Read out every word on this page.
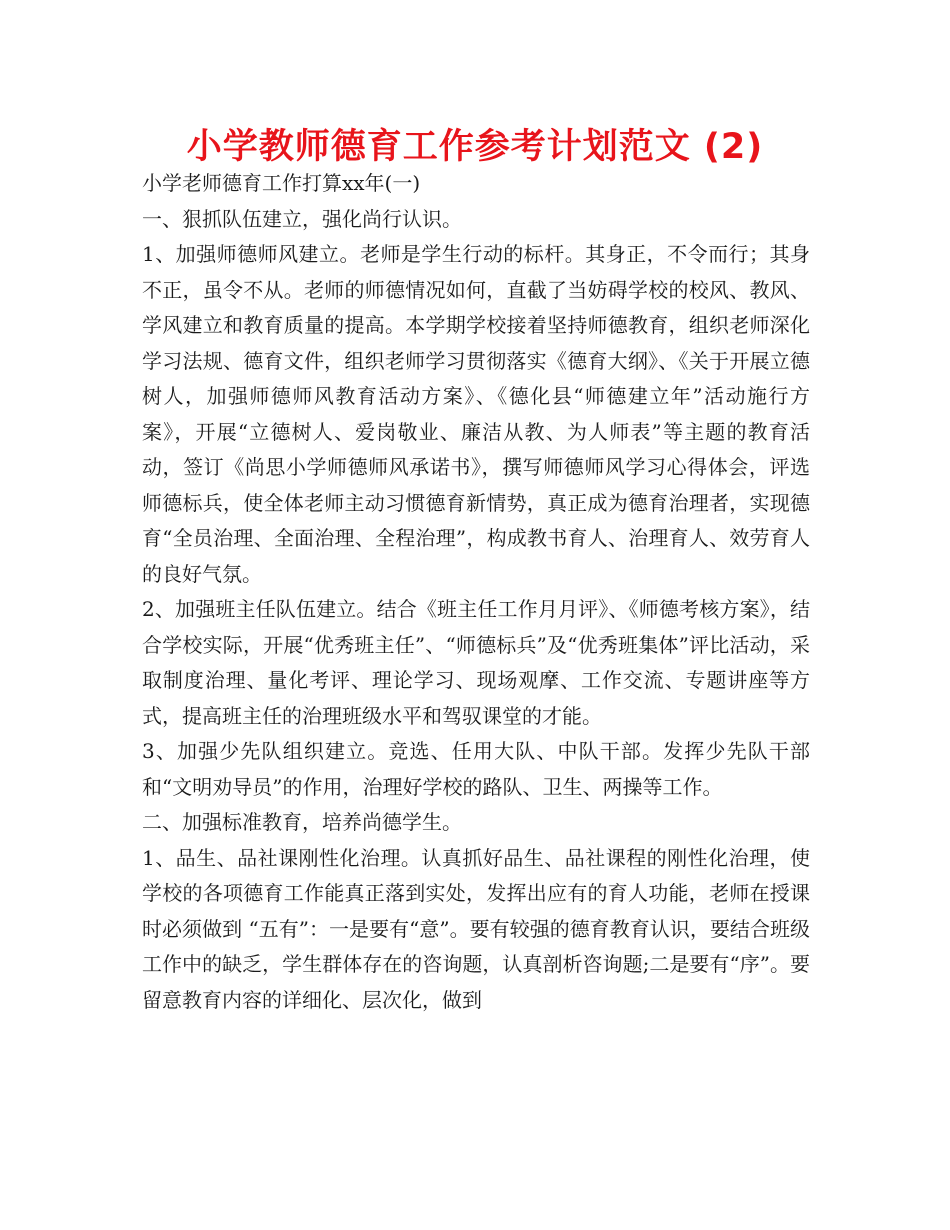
小学教师德育工作参考计划范文 (2)

小学老师德育工作打算xx年(一)

一、狠抓队伍建立，强化尚行认识。

1、加强师德师风建立。老师是学生行动的标杆。其身正，不令而行；其身不正，虽令不从。老师的师德情况如何，直截了当妨碍学校的校风、教风、学风建立和教育质量的提高。本学期学校接着坚持师德教育，组织老师深化学习法规、德育文件，组织老师学习贯彻落实《德育大纲》、《关于开展立德树人，加强师德师风教育活动方案》、《德化县“师德建立年”活动施行方案》，开展“立德树人、爱岗敬业、廉洁从教、为人师表”等主题的教育活动，签订《尚思小学师德师风承诺书》，撰写师德师风学习心得体会，评选师德标兵，使全体老师主动习惯德育新情势，真正成为德育治理者，实现德育“全员治理、全面治理、全程治理”，构成教书育人、治理育人、效劳育人的良好气氛。

2、加强班主任队伍建立。结合《班主任工作月月评》、《师德考核方案》，结合学校实际，开展“优秀班主任”、“师德标兵”及“优秀班集体”评比活动，采取制度治理、量化考评、理论学习、现场观摩、工作交流、专题讲座等方式，提高班主任的治理班级水平和驾驭课堂的才能。

3、加强少先队组织建立。竞选、任用大队、中队干部。发挥少先队干部和“文明劝导员”的作用，治理好学校的路队、卫生、两操等工作。

二、加强标准教育，培养尚德学生。

1、品生、品社课刚性化治理。认真抓好品生、品社课程的刚性化治理，使学校的各项德育工作能真正落到实处，发挥出应有的育人功能，老师在授课时必须做到 “五有”：一是要有“意”。要有较强的德育教育认识，要结合班级工作中的缺乏，学生群体存在的咨询题，认真剖析咨询题;二是要有“序”。要留意教育内容的详细化、层次化，做到
